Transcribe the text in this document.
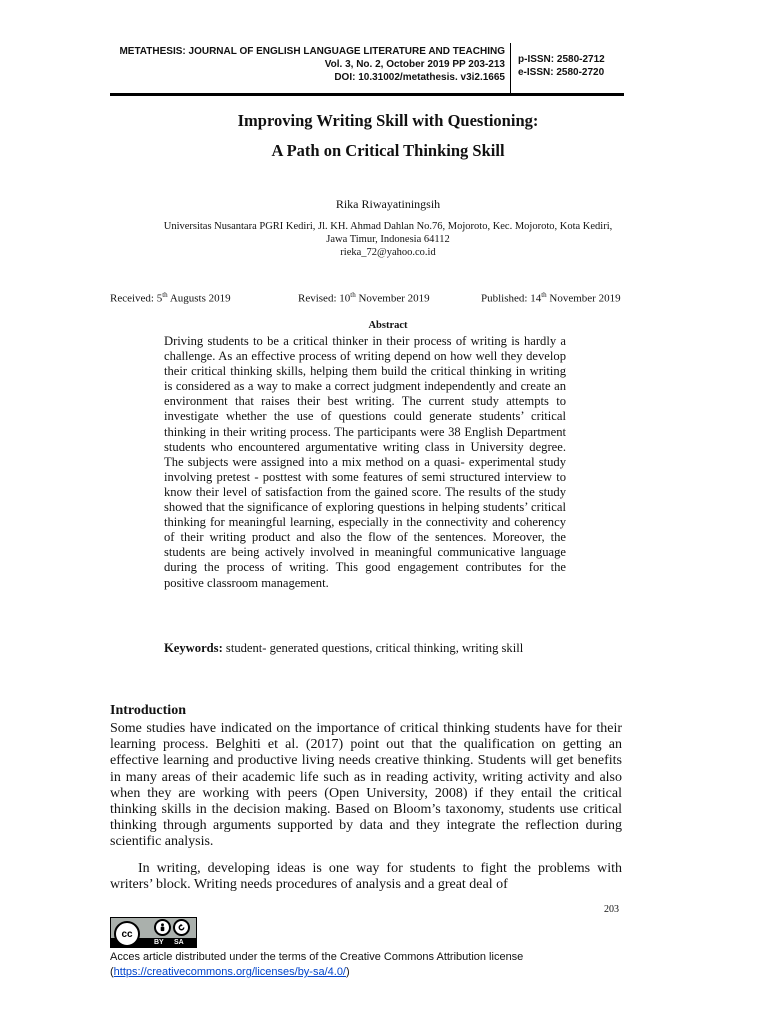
METATHESIS: JOURNAL OF ENGLISH LANGUAGE LITERATURE AND TEACHING
Vol. 3, No. 2, October 2019 PP 203-213
DOI: 10.31002/metathesis. v3i2.1665
p-ISSN: 2580-2712
e-ISSN: 2580-2720
Improving Writing Skill with Questioning:
A Path on Critical Thinking Skill
Rika Riwayatiningsih
Universitas Nusantara PGRI Kediri, Jl. KH. Ahmad Dahlan No.76, Mojoroto, Kec. Mojoroto, Kota Kediri,
Jawa Timur, Indonesia 64112
rieka_72@yahoo.co.id
Received: 5th Augusts 2019	Revised: 10th November 2019	Published: 14th November 2019
Abstract

Driving students to be a critical thinker in their process of writing is hardly a challenge. As an effective process of writing depend on how well they develop their critical thinking skills, helping them build the critical thinking in writing is considered as a way to make a correct judgment independently and create an environment that raises their best writing. The current study attempts to investigate whether the use of questions could generate students’ critical thinking in their writing process. The participants were 38 English Department students who encountered argumentative writing class in University degree. The subjects were assigned into a mix method on a quasi- experimental study involving pretest - posttest with some features of semi structured interview to know their level of satisfaction from the gained score. The results of the study showed that the significance of exploring questions in helping students’ critical thinking for meaningful learning, especially in the connectivity and coherency of their writing product and also the flow of the sentences. Moreover, the students are being actively involved in meaningful communicative language during the process of writing. This good engagement contributes for the positive classroom management.

Keywords: student- generated questions, critical thinking, writing skill

Introduction

Some studies have indicated on the importance of critical thinking students have for their learning process. Belghiti et al. (2017) point out that the qualification on getting an effective learning and productive living needs creative thinking. Students will get benefits in many areas of their academic life such as in reading activity, writing activity and also when they are working with peers (Open University, 2008) if they entail the critical thinking skills in the decision making. Based on Bloom’s taxonomy, students use critical thinking through arguments supported by data and they integrate the reflection during scientific analysis.

In writing, developing ideas is one way for students to fight the problems with writers’ block. Writing needs procedures of analysis and a great deal of

203
cc
BY SA
Acces article distributed under the terms of the Creative Commons Attribution license
(https://creativecommons.org/licenses/by-sa/4.0/)
